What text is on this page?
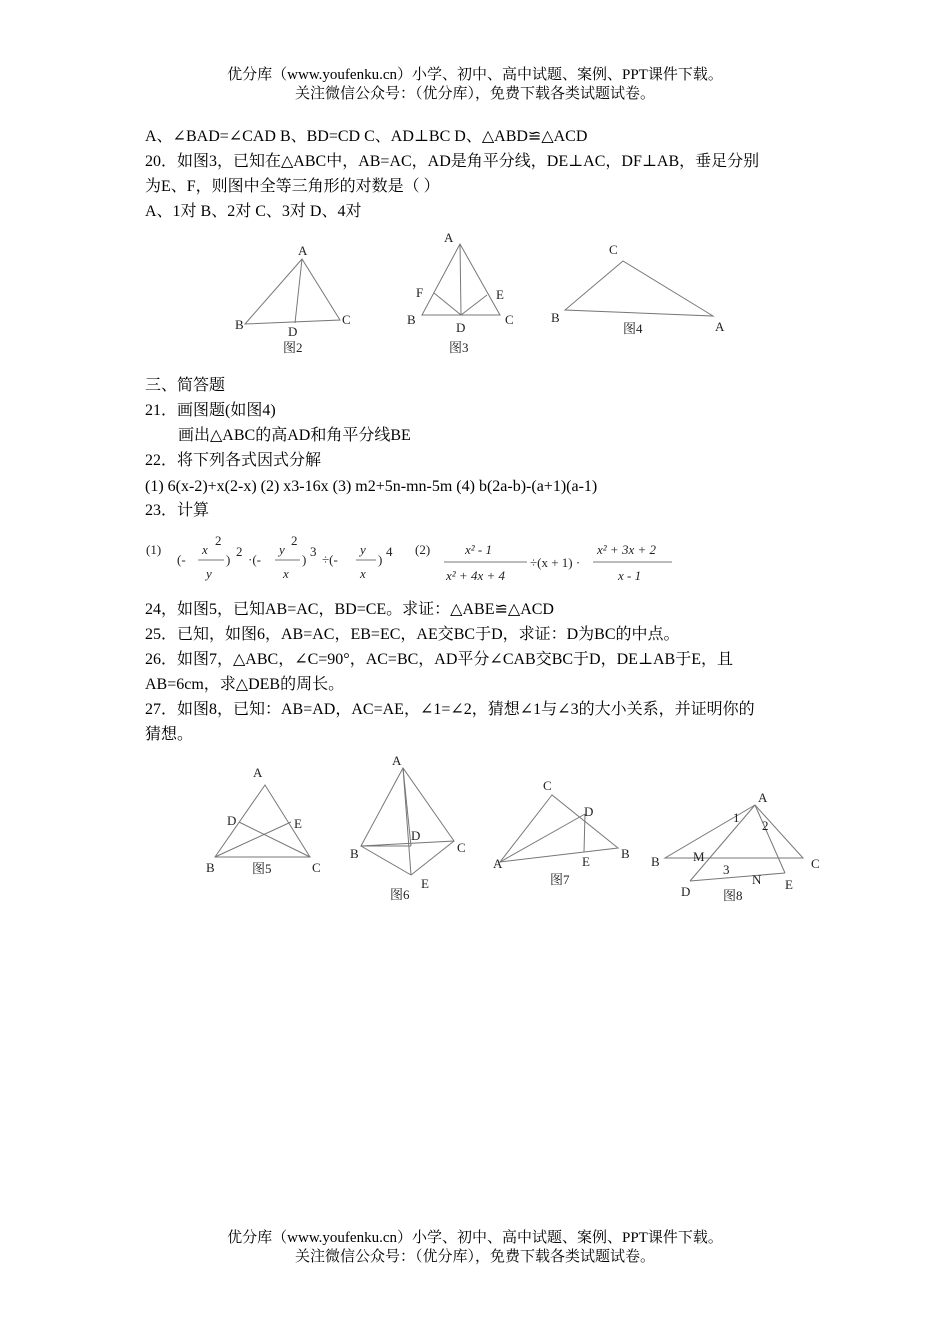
优分库（www.youfenku.cn）小学、初中、高中试题、案例、PPT课件下载。
关注微信公众号：（优分库），免费下载各类试题试卷。
A、∠BAD=∠CAD B、BD=CD C、AD⊥BC D、△ABD≌△ACD
20．如图3，已知在△ABC中，AB=AC，AD是角平分线，DE⊥AC，DF⊥AB，垂足分别
为E、F，则图中全等三角形的对数是（ ）
A、1对 B、2对 C、3对 D、4对
A
B	C
D
图2
A
B	C
D
E
F
图3
C
B
A
图4
三、简答题
21．画图题(如图4)
画出△ABC的高AD和角平分线BE
22．将下列各式因式分解
(1) 6(x-2)+x(2-x) (2) x3-16x (3) m2+5n-mn-5m (4) b(2a-b)-(a+1)(a-1)
23．计算
(1)
(-
x
2
y
)
2
·(-
y
2
x
)
3
÷(-
y
x
)
4 (2)	x² - 1
x² + 4x + 4
÷(x + 1) ·
x² + 3x + 2
x - 1
24，如图5，已知AB=AC，BD=CE。求证：△ABE≌△ACD
25．已知，如图6，AB=AC，EB=EC，AE交BC于D，求证：D为BC的中点。
26．如图7，△ABC，∠C=90°，AC=BC，AD平分∠CAB交BC于D，DE⊥AB于E，且
AB=6cm，求△DEB的周长。
27．如图8，已知：AB=AD，AC=AE，∠1=∠2，猜想∠1与∠3的大小关系，并证明你的
猜想。
A
D	E
B	C
图5
A
D
B	C
E
图6
C
D
A
B
E
图7
A
1
2
B	M
3
N
C
D	E
图8
优分库（www.youfenku.cn）小学、初中、高中试题、案例、PPT课件下载。
关注微信公众号：（优分库），免费下载各类试题试卷。
